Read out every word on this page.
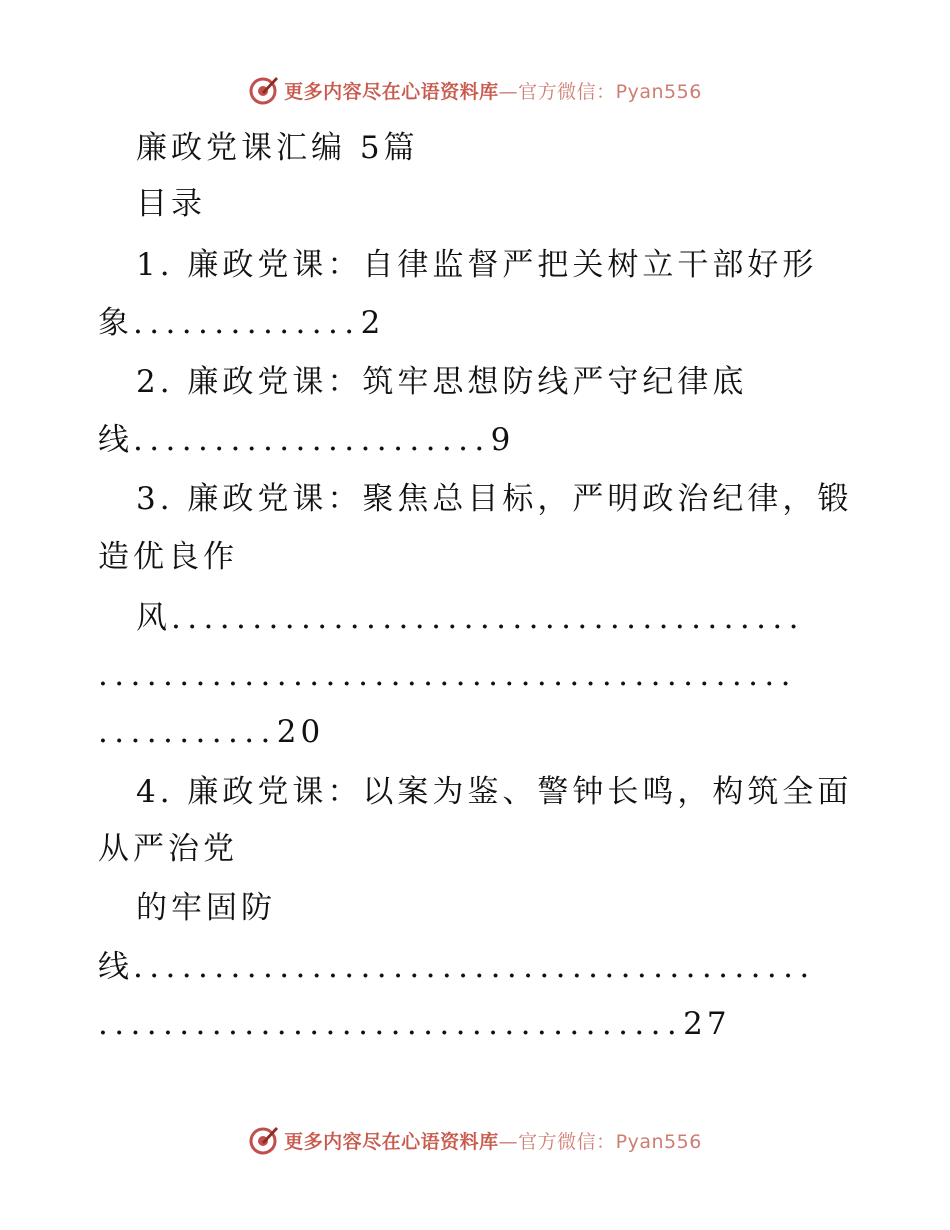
更多内容尽在心语资料库—官方微信：Pyan556
廉政党课汇编 5篇
目录
1. 廉政党课：自律监督严把关树立干部好形
象..............2
2. 廉政党课：筑牢思想防线严守纪律底
线......................9
3. 廉政党课：聚焦总目标，严明政治纪律，锻
造优良作
风.......................................
...........................................
...........20
4. 廉政党课：以案为鉴、警钟长鸣，构筑全面
从严治党
的牢固防
线..........................................
....................................27
更多内容尽在心语资料库—官方微信：Pyan556
